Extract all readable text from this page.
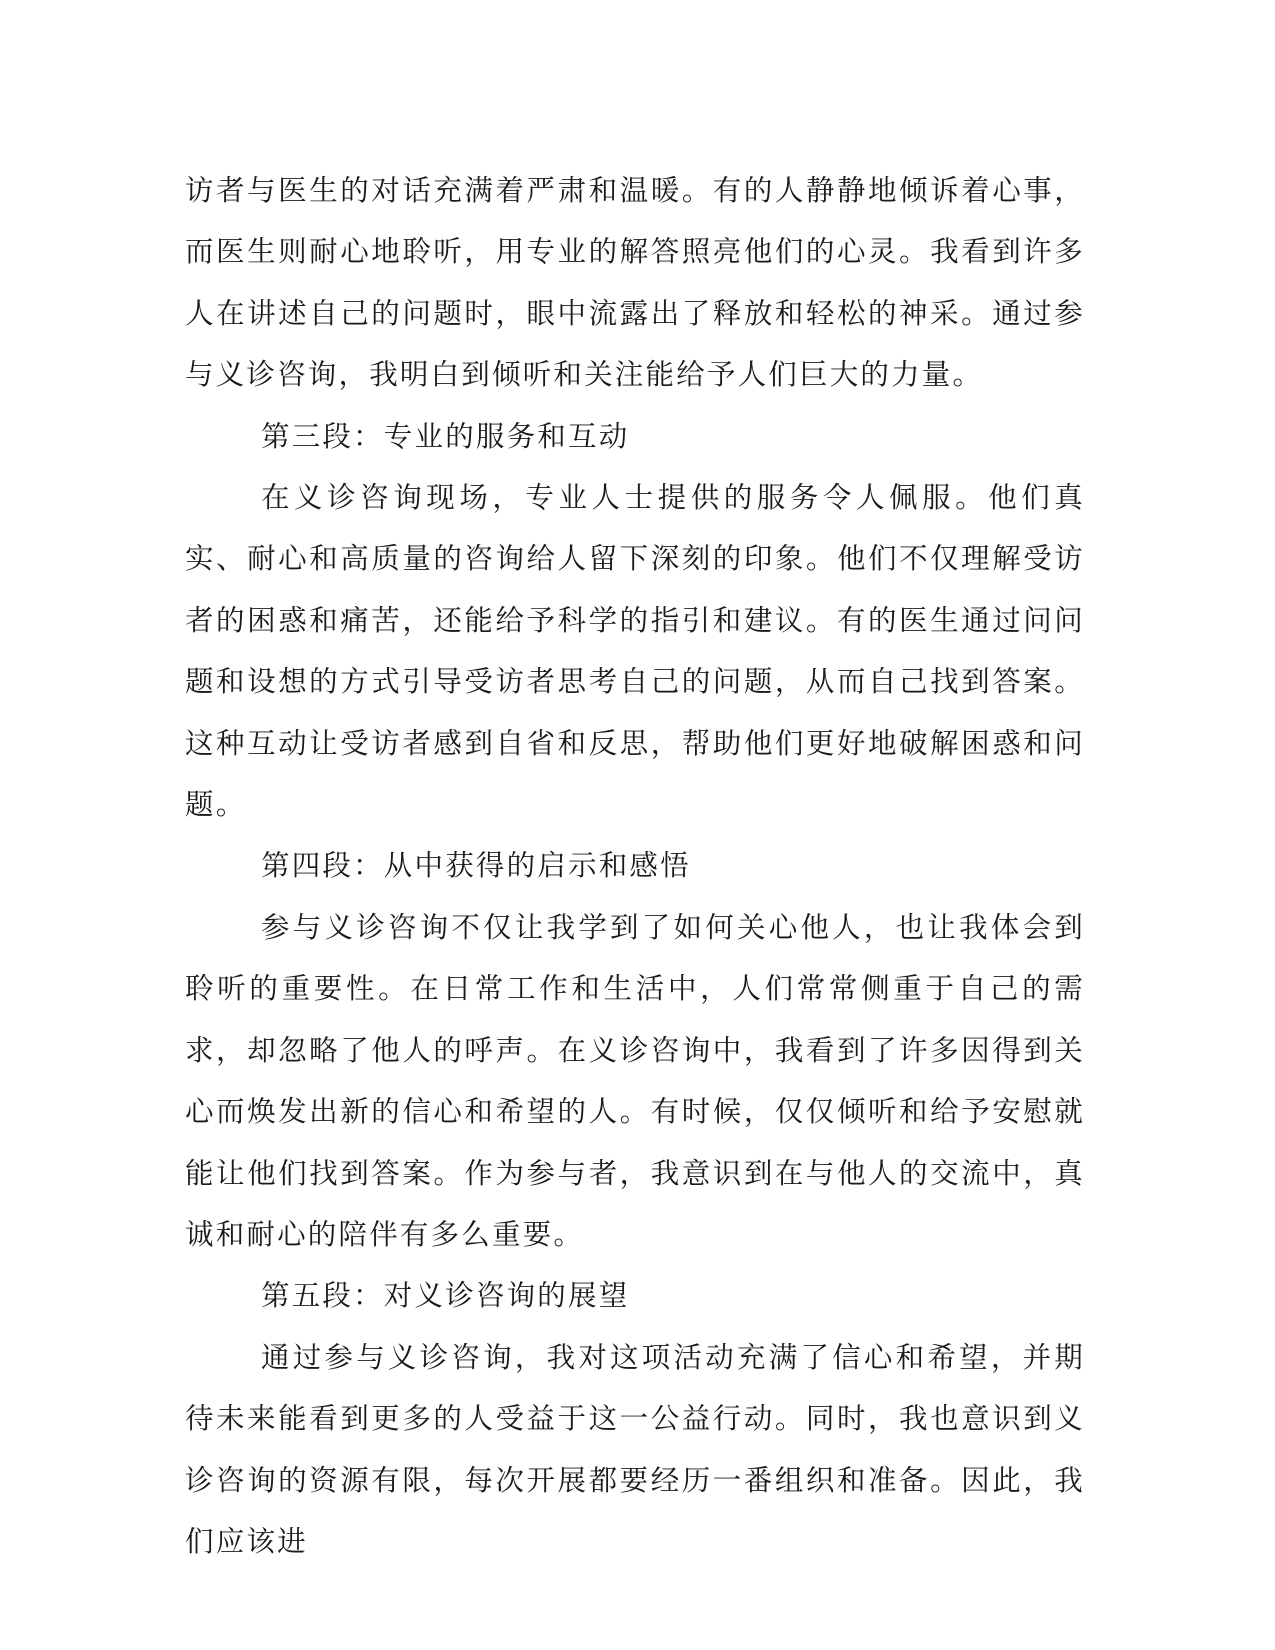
访者与医生的对话充满着严肃和温暖。有的人静静地倾诉着心事，而医生则耐心地聆听，用专业的解答照亮他们的心灵。我看到许多人在讲述自己的问题时，眼中流露出了释放和轻松的神采。通过参与义诊咨询，我明白到倾听和关注能给予人们巨大的力量。

第三段：专业的服务和互动

在义诊咨询现场，专业人士提供的服务令人佩服。他们真实、耐心和高质量的咨询给人留下深刻的印象。他们不仅理解受访者的困惑和痛苦，还能给予科学的指引和建议。有的医生通过问问题和设想的方式引导受访者思考自己的问题，从而自己找到答案。这种互动让受访者感到自省和反思，帮助他们更好地破解困惑和问题。

第四段：从中获得的启示和感悟

参与义诊咨询不仅让我学到了如何关心他人，也让我体会到聆听的重要性。在日常工作和生活中，人们常常侧重于自己的需求，却忽略了他人的呼声。在义诊咨询中，我看到了许多因得到关心而焕发出新的信心和希望的人。有时候，仅仅倾听和给予安慰就能让他们找到答案。作为参与者，我意识到在与他人的交流中，真诚和耐心的陪伴有多么重要。

第五段：对义诊咨询的展望

通过参与义诊咨询，我对这项活动充满了信心和希望，并期待未来能看到更多的人受益于这一公益行动。同时，我也意识到义诊咨询的资源有限，每次开展都要经历一番组织和准备。因此，我们应该进
